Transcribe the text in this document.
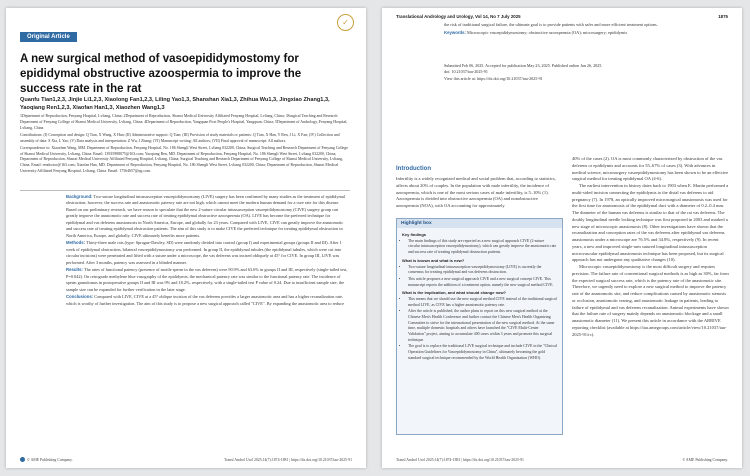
Original Article
✓
A new surgical method of vasoepididymostomy for epididymal obstructive azoospermia to improve the success rate in the rat
Quanfu Tian1,2,3, Jinjie Li1,2,3, Xiaolong Fan1,2,3, Liling Yao1,3, Shanshan Xia1,3, Zhihua Wu1,3, Jingxiao Zhang1,3, Yaoqiang Ren1,2,3, Xiaofan Han1,3, Xiaozhen Wang1,3

1Department of Reproduction, Fenyang Hospital, Lvliang, China; 2Department of Reproduction, Shanxi Medical University Affiliated Fenyang Hospital, Lvliang, China; 3Surgical Teaching and Research Department of Fenyang College of Shanxi Medical University, Lvliang, China; 4Department of Reproduction, Yangquan First People's Hospital, Yangquan, China; 5Department of Andrology, Fenyang Hospital, Lvliang, China

Contributions: (I) Conception and design: Q Tian, X Wang, X Han; (II) Administrative support: Q Tian; (III) Provision of study materials or patients: Q Tian, X Han, Y Ren, J Li, X Fan; (IV) Collection and assembly of data: S Xia, L Yao; (V) Data analysis and interpretation: Z Wu, J Zhang; (VI) Manuscript writing: All authors; (VII) Final approval of manuscript: All authors.

Correspondence to: Xiaozhen Wang, MM. Department of Reproduction, Fenyang Hospital, No. 186 Shengli West Street, Lvliang 032200, China; Surgical Teaching and Research Department of Fenyang College of Shanxi Medical University, Lvliang, China. Email: 13935988075@163.com; Yaoqiang Ren, MD. Department of Reproduction, Fenyang Hospital, No. 186 Shengli West Street, Lvliang 032200, China; Department of Reproduction, Shanxi Medical University Affiliated Fenyang Hospital, Lvliang, China; Surgical Teaching and Research Department of Fenyang College of Shanxi Medical University, Lvliang, China. Email: rendoctor@163.com; Xiaofan Han, MD. Department of Reproduction, Fenyang Hospital, No. 186 Shengli West Street, Lvliang 032200, China; Department of Reproduction, Shanxi Medical University Affiliated Fenyang Hospital, Lvliang, China. Email: 17564657@qq.com.

Background: Two-suture longitudinal intussusception vasoepididymostomy (LIVE) surgery has been confirmed by many studies as the treatment of epididymal obstruction; however, the success rate and anastomotic patency rate are not high, which cannot meet the modern human demand for a cure rate for this disease. Based on our preliminary research, we have reason to speculate that the new 2-suture circular intussusception vasoepididymostomy (CIVE) surgery group can greatly improve the anastomotic rate and success rate of treating epididymal obstructive azoospermia (OA). LIVE has become the preferred technique for epididymal and vas deferens anastomosis in North America, Europe, and globally for 23 years. Compared with LIVE, CIVE can greatly improve the anastomotic and success rate of treating epididymal obstruction patients. The aim of this study is to make CIVE the preferred technique for treating epididymal obstruction in North America, Europe, and globally. CIVE ultimately benefits more patients.

Methods: Thirty-three male rats (type: Sprague-Dawley, SD) were randomly divided into control (group I) and experimental groups (groups II and III). After 1 week of epididymal obstruction, bilateral vasoepididymostomy was performed. In group II, the epididymal tubules (the epididymal tubules, which were cut into circular incisions) were penetrated and lifted with a suture under a microscope, the vas deferens was incised obliquely at 45° for CIVE. In group III, LIVE was performed. After 3 months, patency was assessed in a blinded manner.

Results: The rates of functional patency (presence of motile sperm in the vas deferens) were 90.9% and 63.6% in groups II and III, respectively (single-tailed test, P=0.042). On retrograde methylene blue vasography of the epididymis, the mechanical patency rate was similar to the functional patency rate. The incidence of sperm granulomas in postoperative groups II and III was 9% and 18.2%, respectively, with a single-tailed test P value of 0.24. Due to insufficient sample size, the sample size can be expanded for further verification in the later stage.

Conclusions: Compared with LIVE, CIVE at a 45° oblique incision of the vas deferens provides a larger anastomotic area and has a higher recanalization rate, which is worthy of further investigation. The aim of this study is to propose a new surgical approach called "CIVE". By expanding the anastomotic area to reduce

© AME Publishing Company.	Transl Androl Urol 2025;14(7):1874-1881 | https://dx.doi.org/10.21037/tau-2025-91
Translational Andrology and Urology, Vol 14, No 7 July 2025	1875

the risk of traditional surgical failure, the ultimate goal is to provide patients with safer and more efficient treatment options.

Keywords: Microscopic vasoepididymostomy; obstructive azoospermia (OA); microsurgery; epididymis

Submitted Feb 06, 2025. Accepted for publication May 23, 2025. Published online Jun 26, 2025.
doi: 10.21037/tau-2025-91
View this article at: https://dx.doi.org/10.21037/tau-2025-91
Introduction
Infertility is a widely recognized medical and social problem that, according to statistics, affects about 20% of couples. In the population with male infertility, the incidence of azoospermia, which is one of the most serious cases of male infertility, is 5–10% (1). Azoospermia is divided into obstructive azoospermia (OA) and nonobstructive azoospermia (NOA), with OA accounting for approximately
Highlight box
Key findings
• The main findings of this study are reported as a new surgical approach CIVE (2-suture circular intussusception vasoepididymostomy), which can greatly improve the anastomotic rate and success rate of treating epididymal obstruction patients.
What is known and what is new?
• Two-suture longitudinal intussusception vasoepididymostomy (LIVE) is currently the consensus for treating epididymal and vas deferens obstruction.
• This article proposes a new surgical approach CIVE and a new surgical concept CIVE. This manuscript reports the addition of a treatment option, namely the new surgical method CIVE.
What is the implication, and what should change now?
• This means that we should use the new surgical method CIVE instead of the traditional surgical method LIVE, as CIVE has a higher anastomotic patency rate.
• After the article is published, the author plans to report on this new surgical method at the Chinese Men's Health Conference and further contact the Chinese Men's Health Organizing Committee to strive for the international presentation of the new surgical method. At the same time, multiple domestic hospitals and others have launched the "CIVE Multi-Center Validation" project, aiming to accumulate 400 cases within 3 years and promote this surgical technique.
• The goal is to replace the traditional LIVE surgical technique and include CIVE in the "Clinical Operation Guidelines for Vasoepididymostomy in China", ultimately becoming the gold standard surgical technique recommended by the World Health Organization (WHO).

40% of the cases (2). OA is most commonly characterized by obstruction of the vas deferens or epididymis and accounts for 55–67% of cases (3). With advances in medical science, microsurgery vasoepididymostomy has been shown to be an effective surgical method for treating epididymal OA (4-6).

The earliest intervention in history dates back to 1903 when E. Martin performed a multi-sided incision connecting the epididymis to the distal vas deferens to aid pregnancy (7). In 1978, an optically improved microsurgical anastomosis was used for the first time for anastomosis of the epididymal duct with a diameter of 0.2–0.4 mm. The diameter of the human vas deferens is similar to that of the rat vas deferens. The doubly longitudinal needle locking technique was first proposed in 2003 and marked a new stage of microscopic anastomosis (8). Other investigations have shown that the recanalization and conception rates of the vas deferens after epididymal vas deferens anastomosis under a microscope are 76.5% and 34.8%, respectively (9). In recent years, a new and improved single-arm sutured longitudinal intussusception microvascular epididymal anastomosis technique has been proposed, but its surgical approach has not undergone any qualitative changes (10).

Microscopic vasoepididymostomy is the most difficult surgery and requires precision. The failure rate of conventional surgical methods is as high as 30%, far from the expected surgical success rate, which is the patency rate of the anastomotic site. Therefore, we urgently need to explore a new surgical method to improve the patency rate of the anastomotic site, and reduce complications caused by anastomotic stenosis or occlusion, anastomotic tearing, and anastomotic leakage in patients, leading to failure of epididymal and vas deferens recanalization. Animal experiments have shown that the failure rate of surgery mainly depends on anastomotic blockage and a small anastomotic diameter (11). We present this article in accordance with the ARRIVE reporting checklist (available at https://tau.amegroups.com/article/view/10.21037/tau-2025-91/rc).

Transl Androl Urol 2025;14(7):1874-1881 | https://dx.doi.org/10.21037/tau-2025-91	© AME Publishing Company.
